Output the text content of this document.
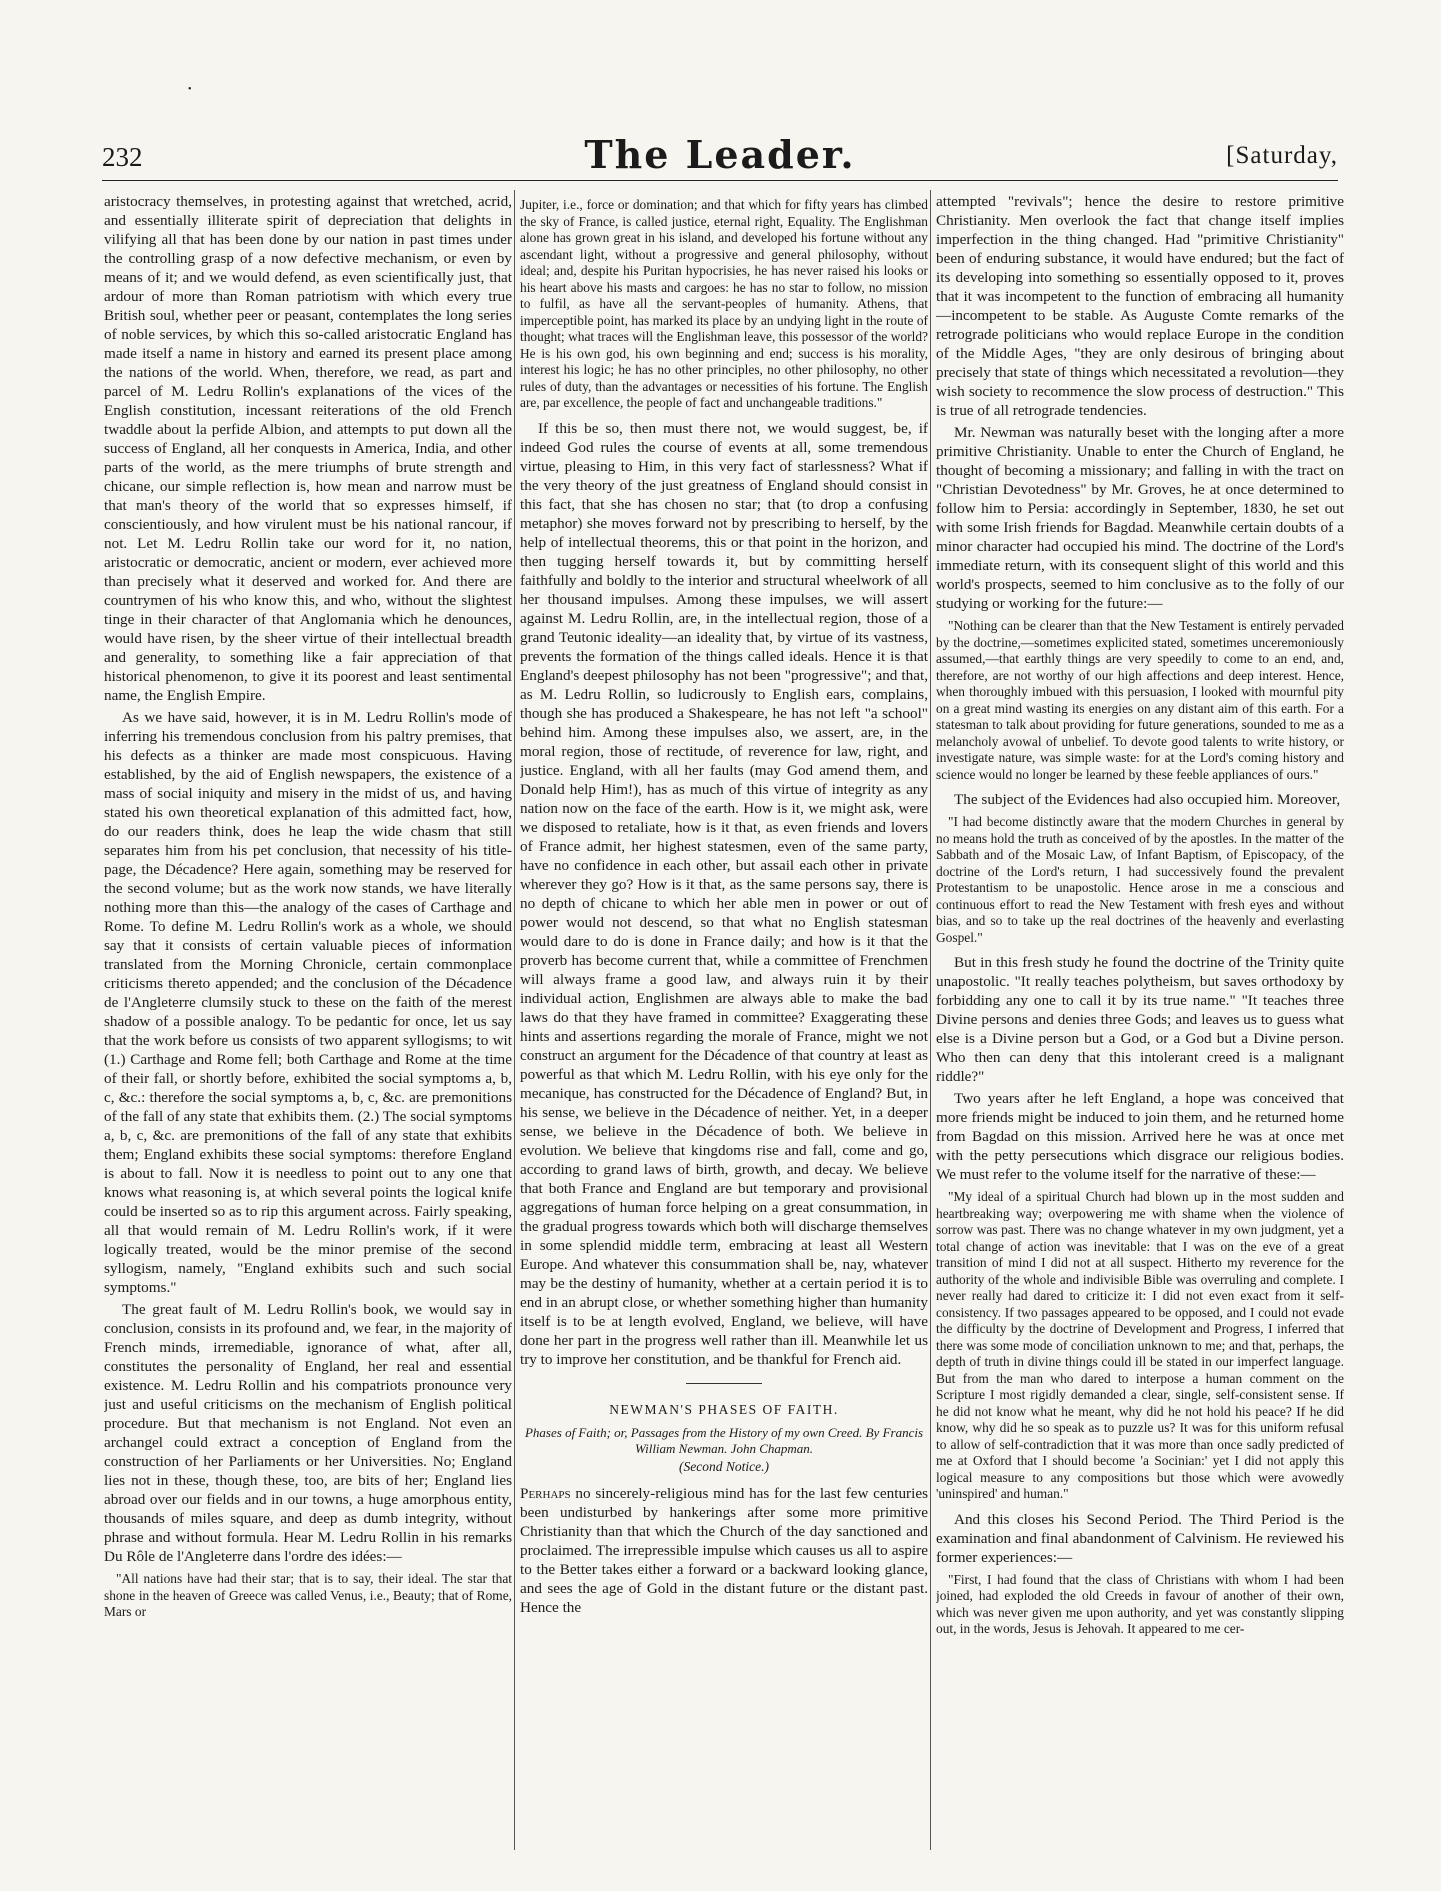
•
232	The Leader.	[Saturday,

aristocracy themselves, in protesting against that wretched, acrid, and essentially illiterate spirit of depreciation that delights in vilifying all that has been done by our nation in past times under the controlling grasp of a now defective mechanism, or even by means of it; and we would defend, as even scientifically just, that ardour of more than Roman patriotism with which every true British soul, whether peer or peasant, contemplates the long series of noble services, by which this so-called aristocratic England has made itself a name in history and earned its present place among the nations of the world. When, therefore, we read, as part and parcel of M. Ledru Rollin's explanations of the vices of the English constitution, incessant reiterations of the old French twaddle about la perfide Albion, and attempts to put down all the success of England, all her conquests in America, India, and other parts of the world, as the mere triumphs of brute strength and chicane, our simple reflection is, how mean and narrow must be that man's theory of the world that so expresses himself, if conscientiously, and how virulent must be his national rancour, if not. Let M. Ledru Rollin take our word for it, no nation, aristocratic or democratic, ancient or modern, ever achieved more than precisely what it deserved and worked for. And there are countrymen of his who know this, and who, without the slightest tinge in their character of that Anglomania which he denounces, would have risen, by the sheer virtue of their intellectual breadth and generality, to something like a fair appreciation of that historical phenomenon, to give it its poorest and least sentimental name, the English Empire.

As we have said, however, it is in M. Ledru Rollin's mode of inferring his tremendous conclusion from his paltry premises, that his defects as a thinker are made most conspicuous. Having established, by the aid of English newspapers, the existence of a mass of social iniquity and misery in the midst of us, and having stated his own theoretical explanation of this admitted fact, how, do our readers think, does he leap the wide chasm that still separates him from his pet conclusion, that necessity of his title-page, the Décadence? Here again, something may be reserved for the second volume; but as the work now stands, we have literally nothing more than this—the analogy of the cases of Carthage and Rome. To define M. Ledru Rollin's work as a whole, we should say that it consists of certain valuable pieces of information translated from the Morning Chronicle, certain commonplace criticisms thereto appended; and the conclusion of the Décadence de l'Angleterre clumsily stuck to these on the faith of the merest shadow of a possible analogy. To be pedantic for once, let us say that the work before us consists of two apparent syllogisms; to wit (1.) Carthage and Rome fell; both Carthage and Rome at the time of their fall, or shortly before, exhibited the social symptoms a, b, c, &c.: therefore the social symptoms a, b, c, &c. are premonitions of the fall of any state that exhibits them. (2.) The social symptoms a, b, c, &c. are premonitions of the fall of any state that exhibits them; England exhibits these social symptoms: therefore England is about to fall. Now it is needless to point out to any one that knows what reasoning is, at which several points the logical knife could be inserted so as to rip this argument across. Fairly speaking, all that would remain of M. Ledru Rollin's work, if it were logically treated, would be the minor premise of the second syllogism, namely, "England exhibits such and such social symptoms."

The great fault of M. Ledru Rollin's book, we would say in conclusion, consists in its profound and, we fear, in the majority of French minds, irremediable, ignorance of what, after all, constitutes the personality of England, her real and essential existence. M. Ledru Rollin and his compatriots pronounce very just and useful criticisms on the mechanism of English political procedure. But that mechanism is not England. Not even an archangel could extract a conception of England from the construction of her Parliaments or her Universities. No; England lies not in these, though these, too, are bits of her; England lies abroad over our fields and in our towns, a huge amorphous entity, thousands of miles square, and deep as dumb integrity, without phrase and without formula. Hear M. Ledru Rollin in his remarks Du Rôle de l'Angleterre dans l'ordre des idées:—

"All nations have had their star; that is to say, their ideal. The star that shone in the heaven of Greece was called Venus, i.e., Beauty; that of Rome, Mars or

Jupiter, i.e., force or domination; and that which for fifty years has climbed the sky of France, is called justice, eternal right, Equality. The Englishman alone has grown great in his island, and developed his fortune without any ascendant light, without a progressive and general philosophy, without ideal; and, despite his Puritan hypocrisies, he has never raised his looks or his heart above his masts and cargoes: he has no star to follow, no mission to fulfil, as have all the servant-peoples of humanity. Athens, that imperceptible point, has marked its place by an undying light in the route of thought; what traces will the Englishman leave, this possessor of the world? He is his own god, his own beginning and end; success is his morality, interest his logic; he has no other principles, no other philosophy, no other rules of duty, than the advantages or necessities of his fortune. The English are, par excellence, the people of fact and unchangeable traditions."

If this be so, then must there not, we would suggest, be, if indeed God rules the course of events at all, some tremendous virtue, pleasing to Him, in this very fact of starlessness? What if the very theory of the just greatness of England should consist in this fact, that she has chosen no star; that (to drop a confusing metaphor) she moves forward not by prescribing to herself, by the help of intellectual theorems, this or that point in the horizon, and then tugging herself towards it, but by committing herself faithfully and boldly to the interior and structural wheelwork of all her thousand impulses. Among these impulses, we will assert against M. Ledru Rollin, are, in the intellectual region, those of a grand Teutonic ideality—an ideality that, by virtue of its vastness, prevents the formation of the things called ideals. Hence it is that England's deepest philosophy has not been "progressive"; and that, as M. Ledru Rollin, so ludicrously to English ears, complains, though she has produced a Shakespeare, he has not left "a school" behind him. Among these impulses also, we assert, are, in the moral region, those of rectitude, of reverence for law, right, and justice. England, with all her faults (may God amend them, and Donald help Him!), has as much of this virtue of integrity as any nation now on the face of the earth. How is it, we might ask, were we disposed to retaliate, how is it that, as even friends and lovers of France admit, her highest statesmen, even of the same party, have no confidence in each other, but assail each other in private wherever they go? How is it that, as the same persons say, there is no depth of chicane to which her able men in power or out of power would not descend, so that what no English statesman would dare to do is done in France daily; and how is it that the proverb has become current that, while a committee of Frenchmen will always frame a good law, and always ruin it by their individual action, Englishmen are always able to make the bad laws do that they have framed in committee? Exaggerating these hints and assertions regarding the morale of France, might we not construct an argument for the Décadence of that country at least as powerful as that which M. Ledru Rollin, with his eye only for the mecanique, has constructed for the Décadence of England? But, in his sense, we believe in the Décadence of neither. Yet, in a deeper sense, we believe in the Décadence of both. We believe in evolution. We believe that kingdoms rise and fall, come and go, according to grand laws of birth, growth, and decay. We believe that both France and England are but temporary and provisional aggregations of human force helping on a great consummation, in the gradual progress towards which both will discharge themselves in some splendid middle term, embracing at least all Western Europe. And whatever this consummation shall be, nay, whatever may be the destiny of humanity, whether at a certain period it is to end in an abrupt close, or whether something higher than humanity itself is to be at length evolved, England, we believe, will have done her part in the progress well rather than ill. Meanwhile let us try to improve her constitution, and be thankful for French aid.

NEWMAN'S PHASES OF FAITH.
Phases of Faith; or, Passages from the History of my own Creed. By Francis William Newman. John Chapman.
(Second Notice.)

Perhaps no sincerely-religious mind has for the last few centuries been undisturbed by hankerings after some more primitive Christianity than that which the Church of the day sanctioned and proclaimed. The irrepressible impulse which causes us all to aspire to the Better takes either a forward or a backward looking glance, and sees the age of Gold in the distant future or the distant past. Hence the

attempted "revivals"; hence the desire to restore primitive Christianity. Men overlook the fact that change itself implies imperfection in the thing changed. Had "primitive Christianity" been of enduring substance, it would have endured; but the fact of its developing into something so essentially opposed to it, proves that it was incompetent to the function of embracing all humanity—incompetent to be stable. As Auguste Comte remarks of the retrograde politicians who would replace Europe in the condition of the Middle Ages, "they are only desirous of bringing about precisely that state of things which necessitated a revolution—they wish society to recommence the slow process of destruction." This is true of all retrograde tendencies.

Mr. Newman was naturally beset with the longing after a more primitive Christianity. Unable to enter the Church of England, he thought of becoming a missionary; and falling in with the tract on "Christian Devotedness" by Mr. Groves, he at once determined to follow him to Persia: accordingly in September, 1830, he set out with some Irish friends for Bagdad. Meanwhile certain doubts of a minor character had occupied his mind. The doctrine of the Lord's immediate return, with its consequent slight of this world and this world's prospects, seemed to him conclusive as to the folly of our studying or working for the future:—

"Nothing can be clearer than that the New Testament is entirely pervaded by the doctrine,—sometimes explicited stated, sometimes unceremoniously assumed,—that earthly things are very speedily to come to an end, and, therefore, are not worthy of our high affections and deep interest. Hence, when thoroughly imbued with this persuasion, I looked with mournful pity on a great mind wasting its energies on any distant aim of this earth. For a statesman to talk about providing for future generations, sounded to me as a melancholy avowal of unbelief. To devote good talents to write history, or investigate nature, was simple waste: for at the Lord's coming history and science would no longer be learned by these feeble appliances of ours."

The subject of the Evidences had also occupied him. Moreover,

"I had become distinctly aware that the modern Churches in general by no means hold the truth as conceived of by the apostles. In the matter of the Sabbath and of the Mosaic Law, of Infant Baptism, of Episcopacy, of the doctrine of the Lord's return, I had successively found the prevalent Protestantism to be unapostolic. Hence arose in me a conscious and continuous effort to read the New Testament with fresh eyes and without bias, and so to take up the real doctrines of the heavenly and everlasting Gospel."

But in this fresh study he found the doctrine of the Trinity quite unapostolic. "It really teaches polytheism, but saves orthodoxy by forbidding any one to call it by its true name." "It teaches three Divine persons and denies three Gods; and leaves us to guess what else is a Divine person but a God, or a God but a Divine person. Who then can deny that this intolerant creed is a malignant riddle?"

Two years after he left England, a hope was conceived that more friends might be induced to join them, and he returned home from Bagdad on this mission. Arrived here he was at once met with the petty persecutions which disgrace our religious bodies. We must refer to the volume itself for the narrative of these:—

"My ideal of a spiritual Church had blown up in the most sudden and heartbreaking way; overpowering me with shame when the violence of sorrow was past. There was no change whatever in my own judgment, yet a total change of action was inevitable: that I was on the eve of a great transition of mind I did not at all suspect. Hitherto my reverence for the authority of the whole and indivisible Bible was overruling and complete. I never really had dared to criticize it: I did not even exact from it self-consistency. If two passages appeared to be opposed, and I could not evade the difficulty by the doctrine of Development and Progress, I inferred that there was some mode of conciliation unknown to me; and that, perhaps, the depth of truth in divine things could ill be stated in our imperfect language. But from the man who dared to interpose a human comment on the Scripture I most rigidly demanded a clear, single, self-consistent sense. If he did not know what he meant, why did he not hold his peace? If he did know, why did he so speak as to puzzle us? It was for this uniform refusal to allow of self-contradiction that it was more than once sadly predicted of me at Oxford that I should become 'a Socinian:' yet I did not apply this logical measure to any compositions but those which were avowedly 'uninspired' and human."

And this closes his Second Period. The Third Period is the examination and final abandonment of Calvinism. He reviewed his former experiences:—

"First, I had found that the class of Christians with whom I had been joined, had exploded the old Creeds in favour of another of their own, which was never given me upon authority, and yet was constantly slipping out, in the words, Jesus is Jehovah. It appeared to me cer-
